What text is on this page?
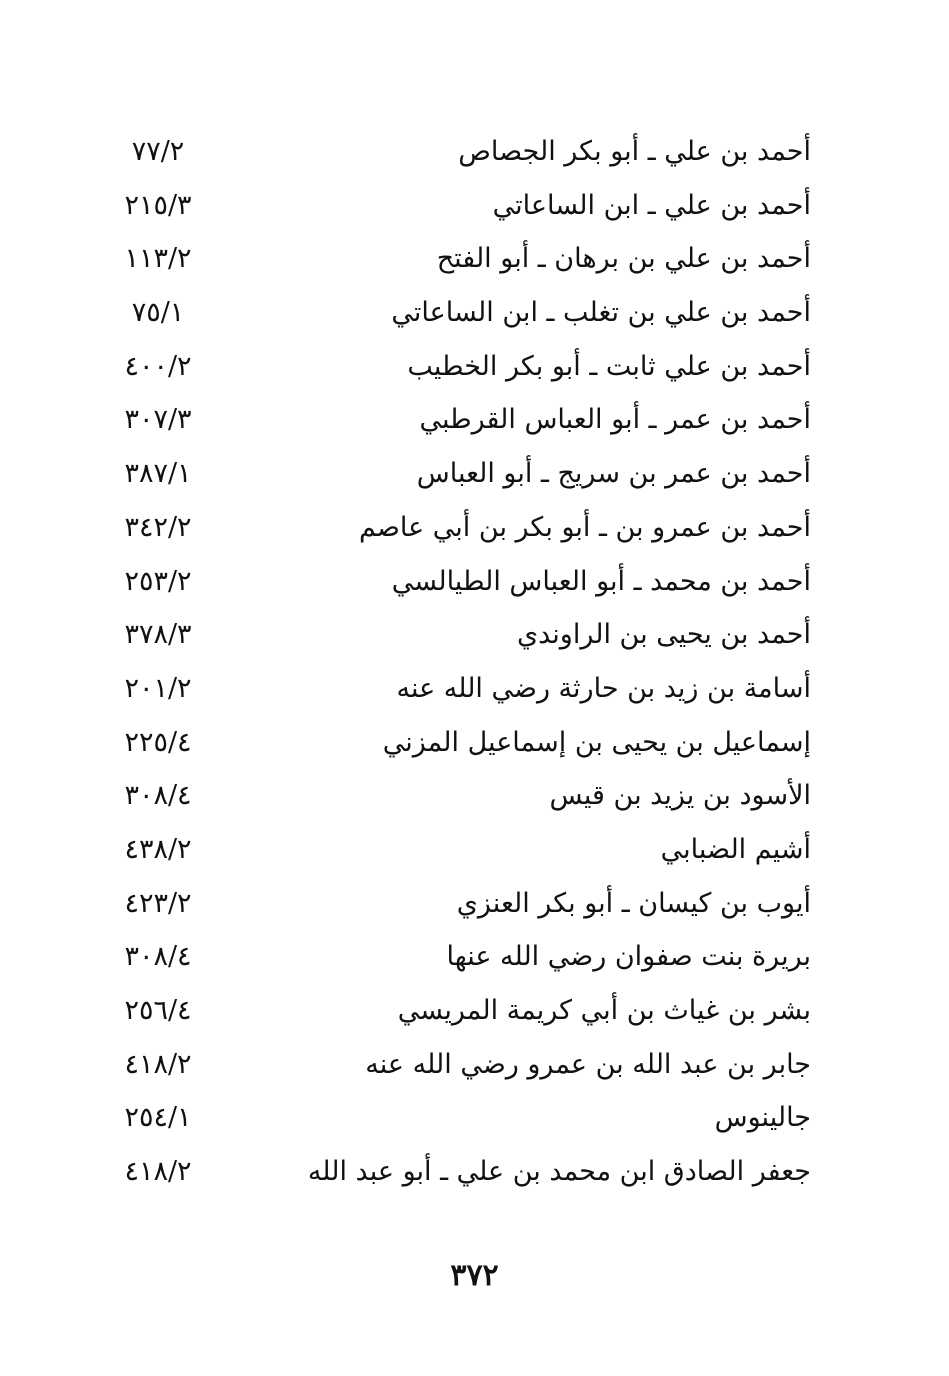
أحمد بن علي ـ أبو بكر الجصاص
٧٧/٢
أحمد بن علي ـ ابن الساعاتي
٢١٥/٣
أحمد بن علي بن برهان ـ أبو الفتح
١١٣/٢
أحمد بن علي بن تغلب ـ ابن الساعاتي
٧٥/١
أحمد بن علي ثابت ـ أبو بكر الخطيب
٤٠٠/٢
أحمد بن عمر ـ أبو العباس القرطبي
٣٠٧/٣
أحمد بن عمر بن سريج ـ أبو العباس
٣٨٧/١
أحمد بن عمرو بن ـ أبو بكر بن أبي عاصم
٣٤٢/٢
أحمد بن محمد ـ أبو العباس الطيالسي
٢٥٣/٢
أحمد بن يحيى بن الراوندي
٣٧٨/٣
أسامة بن زيد بن حارثة رضي الله عنه
٢٠١/٢
إسماعيل بن يحيى بن إسماعيل المزني
٢٢٥/٤
الأسود بن يزيد بن قيس
٣٠٨/٤
أشيم الضبابي
٤٣٨/٢
أيوب بن كيسان ـ أبو بكر العنزي
٤٢٣/٢
بريرة بنت صفوان رضي الله عنها
٣٠٨/٤
بشر بن غياث بن أبي كريمة المريسي
٢٥٦/٤
جابر بن عبد الله بن عمرو رضي الله عنه
٤١٨/٢
جالينوس
٢٥٤/١
جعفر الصادق ابن محمد بن علي ـ أبو عبد الله
٤١٨/٢
٣٧٢
